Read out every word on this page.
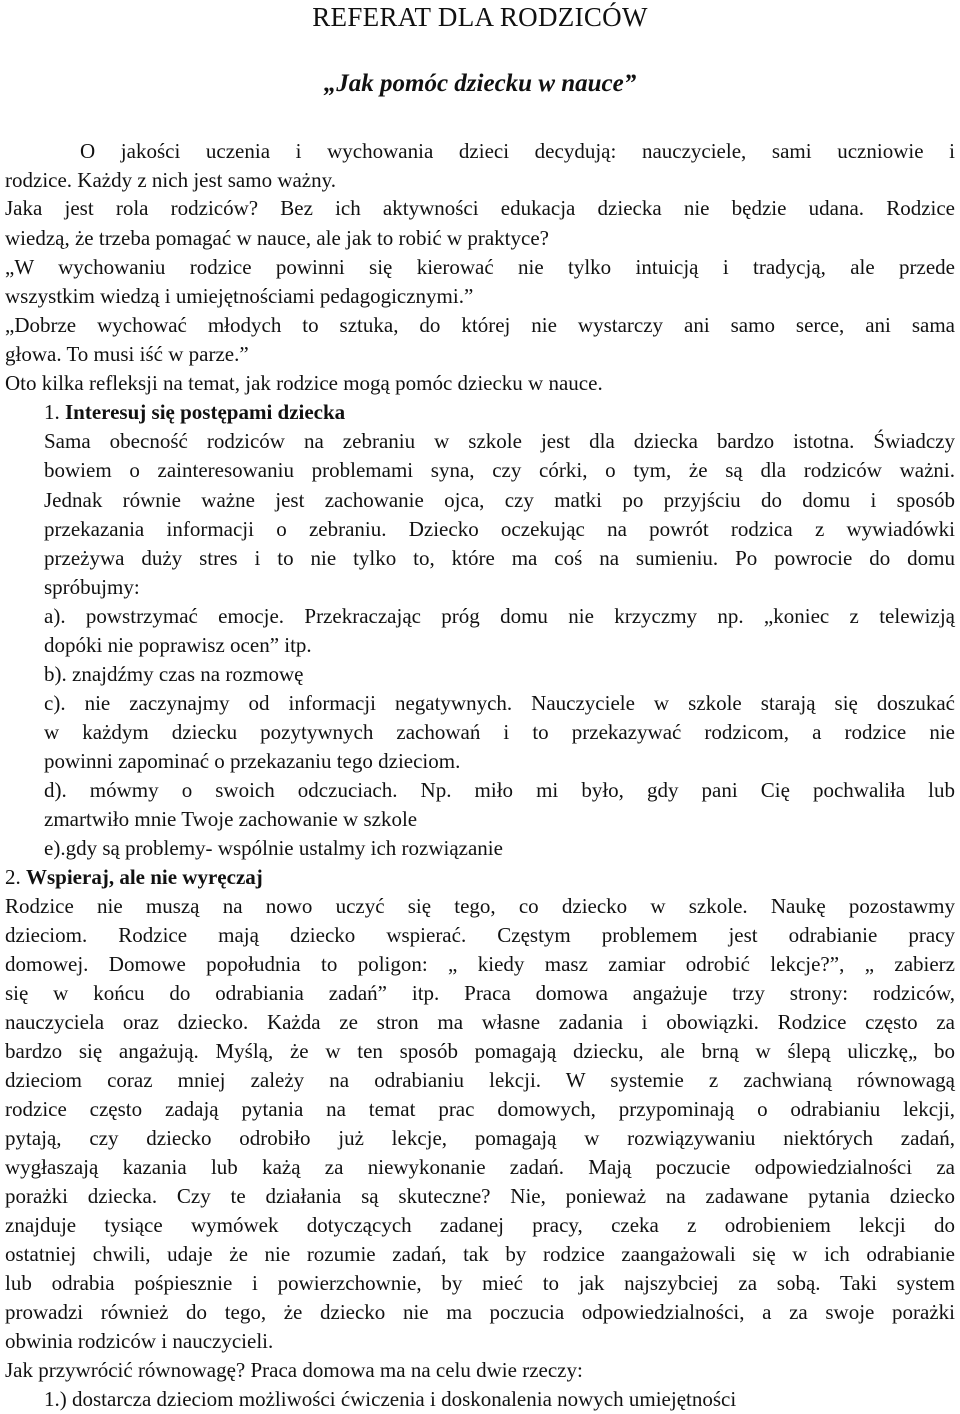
REFERAT DLA RODZICÓW
„Jak pomóc dziecku w nauce”
O jakości uczenia i wychowania dzieci decydują: nauczyciele, sami uczniowie i
rodzice. Każdy z nich jest samo ważny.
Jaka jest rola rodziców? Bez ich aktywności edukacja dziecka nie będzie udana. Rodzice
wiedzą, że trzeba pomagać w nauce, ale jak to robić w praktyce?
„W wychowaniu rodzice powinni się kierować nie tylko intuicją i tradycją, ale przede
wszystkim wiedzą i umiejętnościami pedagogicznymi.”
„Dobrze wychować młodych to sztuka, do której nie wystarczy ani samo serce, ani sama
głowa. To musi iść w parze.”
Oto kilka refleksji na temat, jak rodzice mogą pomóc dziecku w nauce.
1. Interesuj się postępami dziecka
Sama obecność rodziców na zebraniu w szkole jest dla dziecka bardzo istotna. Świadczy
bowiem o zainteresowaniu problemami syna, czy córki, o tym, że są dla rodziców ważni.
Jednak równie ważne jest zachowanie ojca, czy matki po przyjściu do domu i sposób
przekazania informacji o zebraniu. Dziecko oczekując na powrót rodzica z wywiadówki
przeżywa duży stres i to nie tylko to, które ma coś na sumieniu. Po powrocie do domu
spróbujmy:
a). powstrzymać emocje. Przekraczając próg domu nie krzyczmy np. „koniec z telewizją
dopóki nie poprawisz ocen” itp.
b). znajdźmy czas na rozmowę
c). nie zaczynajmy od informacji negatywnych. Nauczyciele w szkole starają się doszukać
w każdym dziecku pozytywnych zachowań i to przekazywać rodzicom, a rodzice nie
powinni zapominać o przekazaniu tego dzieciom.
d). mówmy o swoich odczuciach. Np. miło mi było, gdy pani Cię pochwaliła lub
zmartwiło mnie Twoje zachowanie w szkole
e).gdy są problemy- wspólnie ustalmy ich rozwiązanie
2. Wspieraj, ale nie wyręczaj
Rodzice nie muszą na nowo uczyć się tego, co dziecko w szkole. Naukę pozostawmy
dzieciom. Rodzice mają dziecko wspierać. Częstym problemem jest odrabianie pracy
domowej. Domowe popołudnia to poligon: „ kiedy masz zamiar odrobić lekcje?”, „ zabierz
się w końcu do odrabiania zadań” itp. Praca domowa angażuje trzy strony: rodziców,
nauczyciela oraz dziecko. Każda ze stron ma własne zadania i obowiązki. Rodzice często za
bardzo się angażują. Myślą, że w ten sposób pomagają dziecku, ale brną w ślepą uliczkę„ bo
dzieciom coraz mniej zależy na odrabianiu lekcji. W systemie z zachwianą równowagą
rodzice często zadają pytania na temat prac domowych, przypominają o odrabianiu lekcji,
pytają, czy dziecko odrobiło już lekcje, pomagają w rozwiązywaniu niektórych zadań,
wygłaszają kazania lub każą za niewykonanie zadań. Mają poczucie odpowiedzialności za
porażki dziecka. Czy te działania są skuteczne? Nie, ponieważ na zadawane pytania dziecko
znajduje tysiące wymówek dotyczących zadanej pracy, czeka z odrobieniem lekcji do
ostatniej chwili, udaje że nie rozumie zadań, tak by rodzice zaangażowali się w ich odrabianie
lub odrabia pośpiesznie i powierzchownie, by mieć to jak najszybciej za sobą. Taki system
prowadzi również do tego, że dziecko nie ma poczucia odpowiedzialności, a za swoje porażki
obwinia rodziców i nauczycieli.
Jak przywrócić równowagę? Praca domowa ma na celu dwie rzeczy:
1.) dostarcza dzieciom możliwości ćwiczenia i doskonalenia nowych umiejętności
